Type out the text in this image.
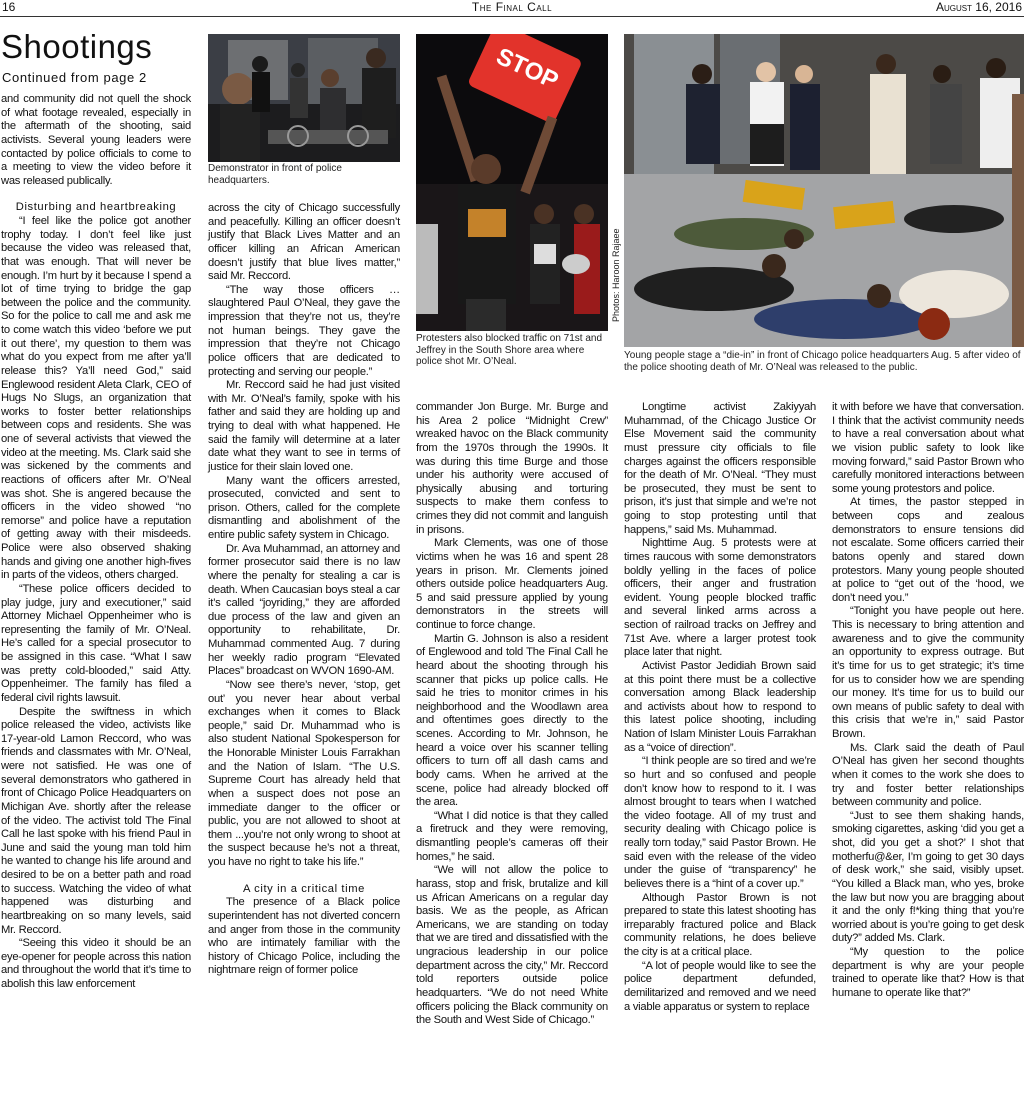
16	The Final Call	August 16, 2016
Shootings
Continued from page 2
Demonstrator in front of police headquarters.
STOP
Photos: Haroon Rajaee
Protesters also blocked traffic on 71st and Jeffrey in the South Shore area where police shot Mr. O’Neal.
Young people stage a “die-in” in front of Chicago police headquarters Aug. 5 after video of the police shooting death of Mr. O’Neal was released to the public.

and community did not quell the shock of what footage revealed, especially in the aftermath of the shooting, said activists. Several young leaders were contacted by police officials to come to a meeting to view the video before it was released publically.

Disturbing and heartbreaking

“I feel like the police got another trophy today. I don’t feel like just because the video was released that, that was enough. That will never be enough. I’m hurt by it because I spend a lot of time trying to bridge the gap between the police and the community. So for the police to call me and ask me to come watch this video ‘before we put it out there’, my question to them was what do you expect from me after ya’ll release this? Ya’ll need God,” said Englewood resident Aleta Clark, CEO of Hugs No Slugs, an organization that works to foster better relationships between cops and residents. She was one of several activists that viewed the video at the meeting. Ms. Clark said she was sickened by the comments and reactions of officers after Mr. O’Neal was shot. She is angered because the officers in the video showed “no remorse” and police have a reputation of getting away with their misdeeds. Police were also observed shaking hands and giving one another high-fives in parts of the videos, others charged.

“These police officers decided to play judge, jury and executioner,” said Attorney Michael Oppenheimer who is representing the family of Mr. O’Neal. He’s called for a special prosecutor to be assigned in this case. “What I saw was pretty cold-blooded,” said Atty. Oppenheimer. The family has filed a federal civil rights lawsuit.

Despite the swiftness in which police released the video, activists like 17-year-old Lamon Reccord, who was friends and classmates with Mr. O’Neal, were not satisfied. He was one of several demonstrators who gathered in front of Chicago Police Headquarters on Michigan Ave. shortly after the release of the video. The activist told The Final Call he last spoke with his friend Paul in June and said the young man told him he wanted to change his life around and desired to be on a better path and road to success. Watching the video of what happened was disturbing and heartbreaking on so many levels, said Mr. Reccord.

“Seeing this video it should be an eye-opener for people across this nation and throughout the world that it’s time to abolish this law enforcement

across the city of Chicago successfully and peacefully. Killing an officer doesn’t justify that Black Lives Matter and an officer killing an African American doesn’t justify that blue lives matter,” said Mr. Reccord.

“The way those officers … slaughtered Paul O’Neal, they gave the impression that they’re not us, they’re not human beings. They gave the impression that they’re not Chicago police officers that are dedicated to protecting and serving our people.”

Mr. Reccord said he had just visited with Mr. O’Neal’s family, spoke with his father and said they are holding up and trying to deal with what happened. He said the family will determine at a later date what they want to see in terms of justice for their slain loved one.

Many want the officers arrested, prosecuted, convicted and sent to prison. Others, called for the complete dismantling and abolishment of the entire public safety system in Chicago.

Dr. Ava Muhammad, an attorney and former prosecutor said there is no law where the penalty for stealing a car is death. When Caucasian boys steal a car it’s called “joyriding,” they are afforded due process of the law and given an opportunity to rehabilitate, Dr. Muhammad commented Aug. 7 during her weekly radio program “Elevated Places” broadcast on WVON 1690-AM.

“Now see there’s never, ‘stop, get out’ you never hear about verbal exchanges when it comes to Black people,” said Dr. Muhammad who is also student National Spokesperson for the Honorable Minister Louis Farrakhan and the Nation of Islam. “The U.S. Supreme Court has already held that when a suspect does not pose an immediate danger to the officer or public, you are not allowed to shoot at them ...you’re not only wrong to shoot at the suspect because he’s not a threat, you have no right to take his life.”

A city in a critical time

The presence of a Black police superintendent has not diverted concern and anger from those in the community who are intimately familiar with the history of Chicago Police, including the nightmare reign of former police

commander Jon Burge. Mr. Burge and his Area 2 police “Midnight Crew” wreaked havoc on the Black community from the 1970s through the 1990s. It was during this time Burge and those under his authority were accused of physically abusing and torturing suspects to make them confess to crimes they did not commit and languish in prisons.

Mark Clements, was one of those victims when he was 16 and spent 28 years in prison. Mr. Clements joined others outside police headquarters Aug. 5 and said pressure applied by young demonstrators in the streets will continue to force change.

Martin G. Johnson is also a resident of Englewood and told The Final Call he heard about the shooting through his scanner that picks up police calls. He said he tries to monitor crimes in his neighborhood and the Woodlawn area and oftentimes goes directly to the scenes. According to Mr. Johnson, he heard a voice over his scanner telling officers to turn off all dash cams and body cams. When he arrived at the scene, police had already blocked off the area.

“What I did notice is that they called a firetruck and they were removing, dismantling people’s cameras off their homes,” he said.

“We will not allow the police to harass, stop and frisk, brutalize and kill us African Americans on a regular day basis. We as the people, as African Americans, we are standing on today that we are tired and dissatisfied with the ungracious leadership in our police department across the city,” Mr. Reccord told reporters outside police headquarters. “We do not need White officers policing the Black community on the South and West Side of Chicago.”

Longtime activist Zakiyyah Muhammad, of the Chicago Justice Or Else Movement said the community must pressure city officials to file charges against the officers responsible for the death of Mr. O’Neal. “They must be prosecuted, they must be sent to prison, it’s just that simple and we’re not going to stop protesting until that happens,” said Ms. Muhammad.

Nighttime Aug. 5 protests were at times raucous with some demonstrators boldly yelling in the faces of police officers, their anger and frustration evident. Young people blocked traffic and several linked arms across a section of railroad tracks on Jeffrey and 71st Ave. where a larger protest took place later that night.

Activist Pastor Jedidiah Brown said at this point there must be a collective conversation among Black leadership and activists about how to respond to this latest police shooting, including Nation of Islam Minister Louis Farrakhan as a “voice of direction”.

“I think people are so tired and we’re so hurt and so confused and people don’t know how to respond to it. I was almost brought to tears when I watched the video footage. All of my trust and security dealing with Chicago police is really torn today,” said Pastor Brown. He said even with the release of the video under the guise of “transparency” he believes there is a “hint of a cover up.”

Although Pastor Brown is not prepared to state this latest shooting has irreparably fractured police and Black community relations, he does believe the city is at a critical place.

“A lot of people would like to see the police department defunded, demilitarized and removed and we need a viable apparatus or system to replace

it with before we have that conversation. I think that the activist community needs to have a real conversation about what we vision public safety to look like moving forward,” said Pastor Brown who carefully monitored interactions between some young protestors and police.

At times, the pastor stepped in between cops and zealous demonstrators to ensure tensions did not escalate. Some officers carried their batons openly and stared down protestors. Many young people shouted at police to “get out of the ‘hood, we don’t need you.”

“Tonight you have people out here. This is necessary to bring attention and awareness and to give the community an opportunity to express outrage. But it’s time for us to get strategic; it’s time for us to consider how we are spending our money. It’s time for us to build our own means of public safety to deal with this crisis that we’re in,” said Pastor Brown.

Ms. Clark said the death of Paul O’Neal has given her second thoughts when it comes to the work she does to try and foster better relationships between community and police.

“Just to see them shaking hands, smoking cigarettes, asking ‘did you get a shot, did you get a shot?’ I shot that motherfu@&er, I’m going to get 30 days of desk work,” she said, visibly upset. “You killed a Black man, who yes, broke the law but now you are bragging about it and the only f!*king thing that you’re worried about is you’re going to get desk duty?” added Ms. Clark.

“My question to the police department is why are your people trained to operate like that? How is that humane to operate like that?”
